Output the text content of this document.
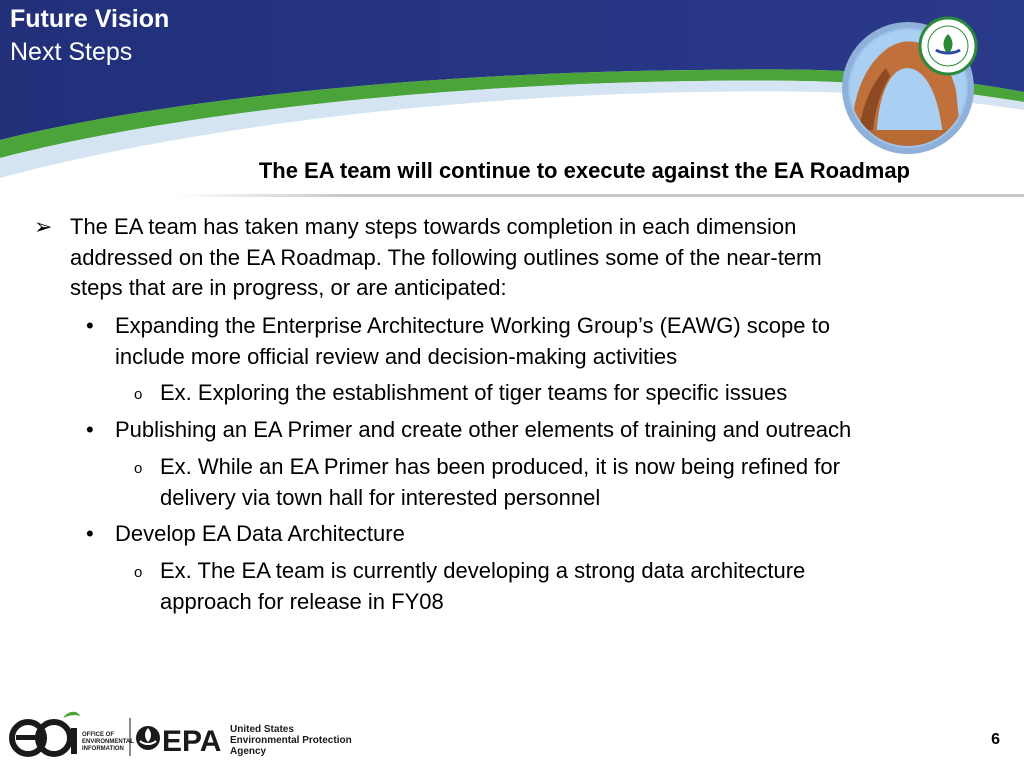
Future Vision
Next Steps
The EA team will continue to execute against the EA Roadmap
➢ The EA team has taken many steps towards completion in each dimension
addressed on the EA Roadmap. The following outlines some of the near-term
steps that are in progress, or are anticipated:
• Expanding the Enterprise Architecture Working Group’s (EAWG) scope to
include more official review and decision-making activities
o Ex. Exploring the establishment of tiger teams for specific issues
• Publishing an EA Primer and create other elements of training and outreach
o Ex. While an EA Primer has been produced, it is now being refined for
delivery via town hall for interested personnel
• Develop EA Data Architecture
o Ex. The EA team is currently developing a strong data architecture
approach for release in FY08
OFFICE OF
ENVIRONMENTAL
INFORMATION EPA United States
Environmental Protection
Agency
6
